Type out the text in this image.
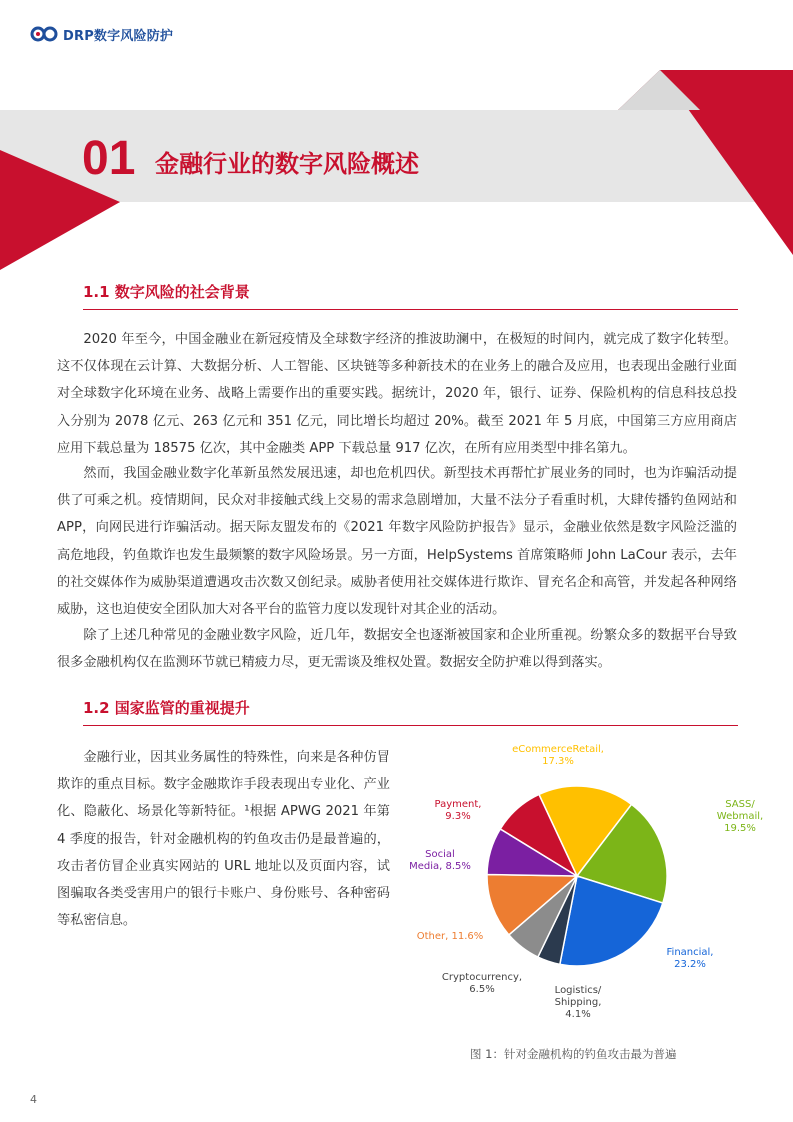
DRP数字风险防护
01 金融行业的数字风险概述
1.1 数字风险的社会背景

2020 年至今，中国金融业在新冠疫情及全球数字经济的推波助澜中，在极短的时间内，就完成了数字化转型。这不仅体现在云计算、大数据分析、人工智能、区块链等多种新技术的在业务上的融合及应用，也表现出金融行业面对全球数字化环境在业务、战略上需要作出的重要实践。据统计，2020 年，银行、证券、保险机构的信息科技总投入分别为 2078 亿元、263 亿元和 351 亿元，同比增长均超过 20%。截至 2021 年 5 月底，中国第三方应用商店应用下载总量为 18575 亿次，其中金融类 APP 下载总量 917 亿次，在所有应用类型中排名第九。

然而，我国金融业数字化革新虽然发展迅速，却也危机四伏。新型技术再帮忙扩展业务的同时，也为诈骗活动提供了可乘之机。疫情期间，民众对非接触式线上交易的需求急剧增加，大量不法分子看重时机，大肆传播钓鱼网站和 APP，向网民进行诈骗活动。据天际友盟发布的《2021 年数字风险防护报告》显示，金融业依然是数字风险泛滥的高危地段，钓鱼欺诈也发生最频繁的数字风险场景。另一方面，HelpSystems 首席策略师 John LaCour 表示，去年的社交媒体作为威胁渠道遭遇攻击次数又创纪录。威胁者使用社交媒体进行欺诈、冒充名企和高管，并发起各种网络威胁，这也迫使安全团队加大对各平台的监管力度以发现针对其企业的活动。

除了上述几种常见的金融业数字风险，近几年，数据安全也逐渐被国家和企业所重视。纷繁众多的数据平台导致很多金融机构仅在监测环节就已精疲力尽，更无需谈及维权处置。数据安全防护难以得到落实。

1.2 国家监管的重视提升

金融行业，因其业务属性的特殊性，向来是各种仿冒欺诈的重点目标。数字金融欺诈手段表现出专业化、产业化、隐蔽化、场景化等新特征。¹根据 APWG 2021 年第 4 季度的报告，针对金融机构的钓鱼攻击仍是最普遍的，攻击者仿冒企业真实网站的 URL 地址以及页面内容，试图骗取各类受害用户的银行卡账户、身份账号、各种密码等私密信息。

eCommerceRetail, 17.3%
SASS/ Webmail, 19.5%
Financial, 23.2%
Logistics/ Shipping, 4.1%
Cryptocurrency, 6.5%
Other, 11.6%
Social Media, 8.5%
Payment, 9.3%
图 1：针对金融机构的钓鱼攻击最为普遍
4
